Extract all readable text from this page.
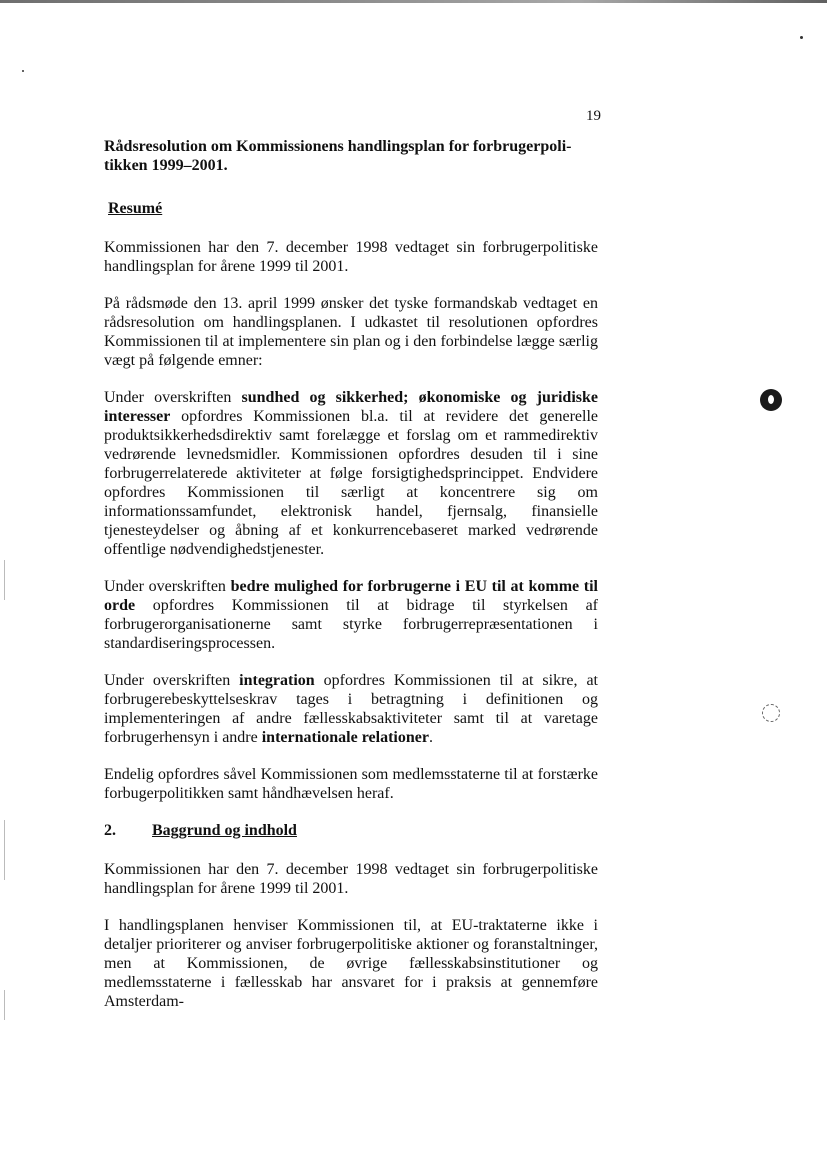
19
Rådsresolution om Kommissionens handlingsplan for forbrugerpoli-tikken 1999–2001.
Resumé

Kommissionen har den 7. december 1998 vedtaget sin forbrugerpolitiske handlingsplan for årene 1999 til 2001.

På rådsmøde den 13. april 1999 ønsker det tyske formandskab vedtaget en rådsresolution om handlingsplanen. I udkastet til resolutionen opfordres Kommissionen til at implementere sin plan og i den forbindelse lægge særlig vægt på følgende emner:

Under overskriften sundhed og sikkerhed; økonomiske og juridiske interesser opfordres Kommissionen bl.a. til at revidere det generelle produktsikkerhedsdirektiv samt forelægge et forslag om et rammedirektiv vedrørende levnedsmidler. Kommissionen opfordres desuden til i sine forbrugerrelaterede aktiviteter at følge forsigtighedsprincippet. Endvidere opfordres Kommissionen til særligt at koncentrere sig om informationssamfundet, elektronisk handel, fjernsalg, finansielle tjenesteydelser og åbning af et konkurrencebaseret marked vedrørende offentlige nødvendighedstjenester.

Under overskriften bedre mulighed for forbrugerne i EU til at komme til orde opfordres Kommissionen til at bidrage til styrkelsen af forbrugerorganisationerne samt styrke forbrugerrepræsentationen i standardiseringsprocessen.

Under overskriften integration opfordres Kommissionen til at sikre, at forbrugerebeskyttelseskrav tages i betragtning i definitionen og implementeringen af andre fællesskabsaktiviteter samt til at varetage forbrugerhensyn i andre internationale relationer.

Endelig opfordres såvel Kommissionen som medlemsstaterne til at forstærke forbugerpolitikken samt håndhævelsen heraf.

2.	Baggrund og indhold

Kommissionen har den 7. december 1998 vedtaget sin forbrugerpolitiske handlingsplan for årene 1999 til 2001.

I handlingsplanen henviser Kommissionen til, at EU-traktaterne ikke i detaljer prioriterer og anviser forbrugerpolitiske aktioner og foranstaltninger, men at Kommissionen, de øvrige fællesskabsinstitutioner og medlemsstaterne i fællesskab har ansvaret for i praksis at gennemføre Amsterdam-
